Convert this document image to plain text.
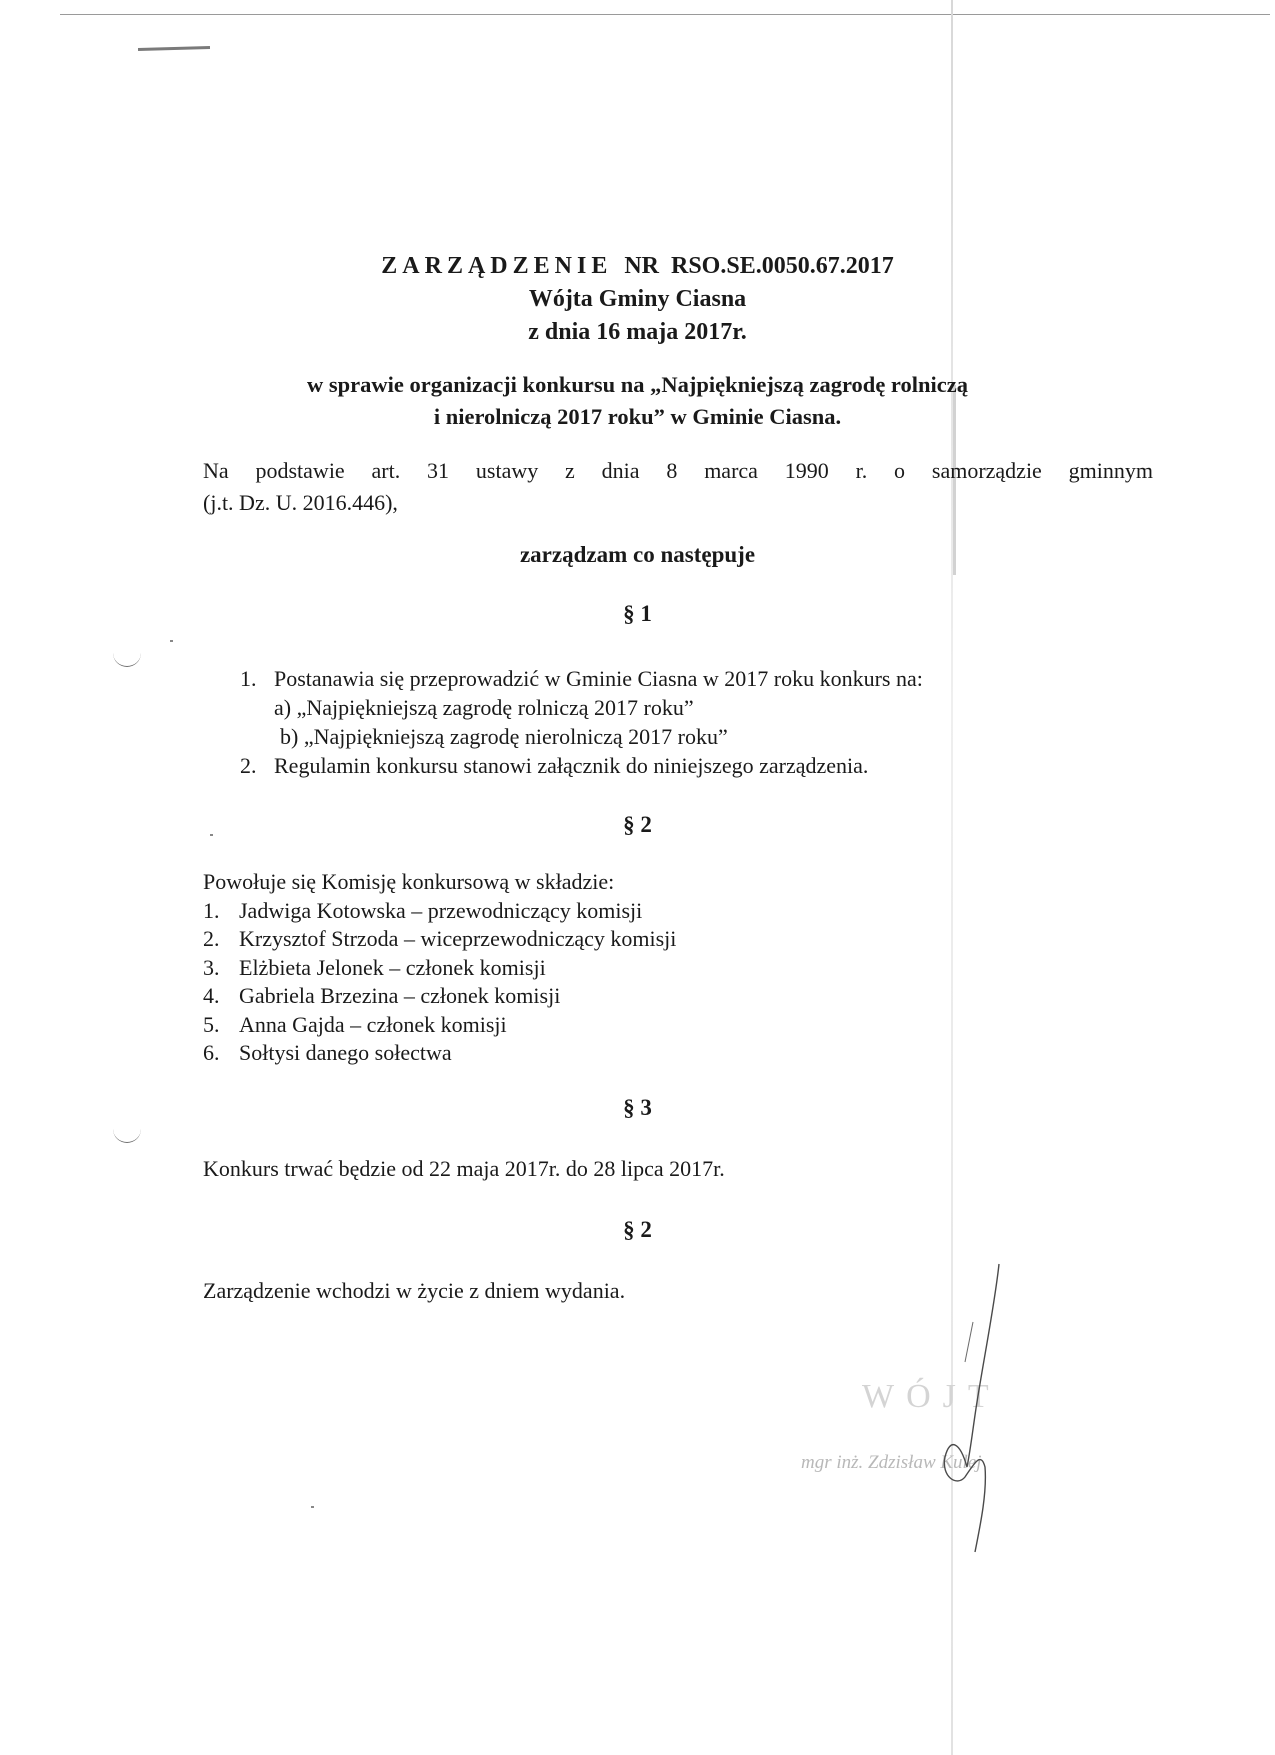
ZARZĄDZENIE NR RSO.SE.0050.67.2017
Wójta Gminy Ciasna
z dnia 16 maja 2017r.
w sprawie organizacji konkursu na „Najpiękniejszą zagrodę rolniczą
i nierolniczą 2017 roku” w Gminie Ciasna.
Na podstawie art. 31 ustawy z dnia 8 marca 1990 r. o samorządzie gminnym
(j.t. Dz. U. 2016.446),
zarządzam co następuje
§ 1
1. Postanawia się przeprowadzić w Gminie Ciasna w 2017 roku konkurs na:
a) „Najpiękniejszą zagrodę rolniczą 2017 roku”
b) „Najpiękniejszą zagrodę nierolniczą 2017 roku”
2. Regulamin konkursu stanowi załącznik do niniejszego zarządzenia.
§ 2
Powołuje się Komisję konkursową w składzie:
1. Jadwiga Kotowska – przewodniczący komisji
2. Krzysztof Strzoda – wiceprzewodniczący komisji
3. Elżbieta Jelonek – członek komisji
4. Gabriela Brzezina – członek komisji
5. Anna Gajda – członek komisji
6. Sołtysi danego sołectwa
§ 3
Konkurs trwać będzie od 22 maja 2017r. do 28 lipca 2017r.
§ 2
Zarządzenie wchodzi w życie z dniem wydania.
WÓJT
mgr inż. Zdzisław Kulej
